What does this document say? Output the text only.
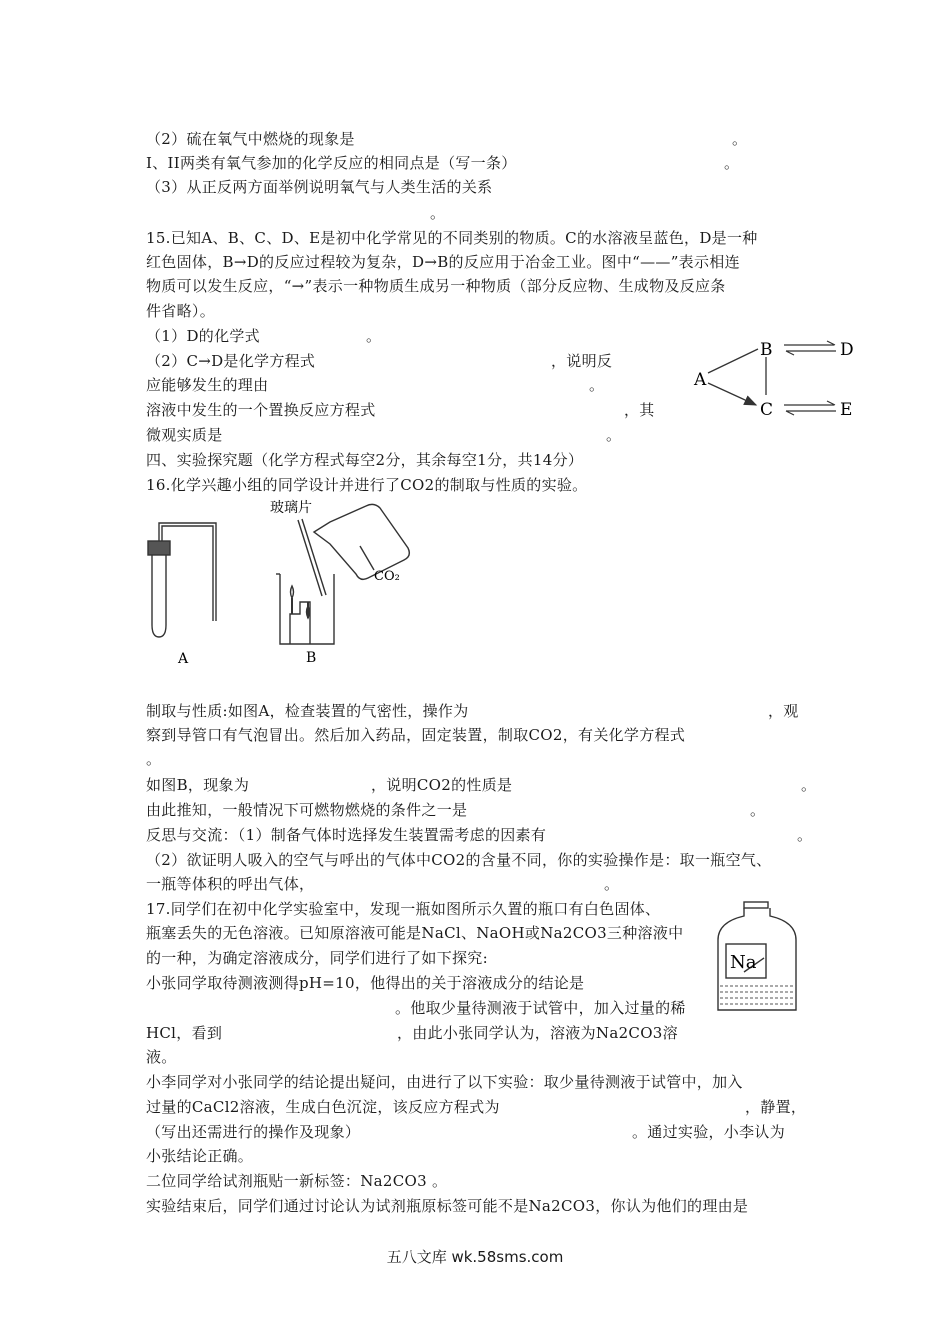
（2）硫在氧气中燃烧的现象是	。
I、II两类有氧气参加的化学反应的相同点是（写一条）	。
（3）从正反两方面举例说明氧气与人类生活的关系
。
15.已知A、B、C、D、E是初中化学常见的不同类别的物质。C的水溶液呈蓝色，D是一种
红色固体，B→D的反应过程较为复杂，D→B的反应用于冶金工业。图中“——”表示相连
物质可以发生反应，“→”表示一种物质生成另一种物质（部分反应物、生成物及反应条
件省略）。
（1）D的化学式	。
（2）C→D是化学方程式	，说明反
应能够发生的理由	。
溶液中发生的一个置换反应方程式	，其
微观实质是	。
A
B
C
D
E
四、实验探究题（化学方程式每空2分，其余每空1分，共14分）
16.化学兴趣小组的同学设计并进行了CO2的制取与性质的实验。
A
玻璃片
CO₂
B
制取与性质:如图A，检查装置的气密性，操作为	，观
察到导管口有气泡冒出。然后加入药品，固定装置，制取CO2，有关化学方程式
。
如图B，现象为	，说明CO2的性质是	。
由此推知，一般情况下可燃物燃烧的条件之一是	。
反思与交流：（1）制备气体时选择发生装置需考虑的因素有	。
（2）欲证明人吸入的空气与呼出的气体中CO2的含量不同，你的实验操作是：取一瓶空气、
一瓶等体积的呼出气体，	。
17.同学们在初中化学实验室中，发现一瓶如图所示久置的瓶口有白色固体、
瓶塞丢失的无色溶液。已知原溶液可能是NaCl、NaOH或Na2CO3三种溶液中
的一种，为确定溶液成分，同学们进行了如下探究:
小张同学取待测液测得pH=10，他得出的关于溶液成分的结论是
。他取少量待测液于试管中，加入过量的稀
HCl，看到	，由此小张同学认为，溶液为Na2CO3溶
液。
小李同学对小张同学的结论提出疑问，由进行了以下实验：取少量待测液于试管中，加入
过量的CaCl2溶液，生成白色沉淀，该反应方程式为	，静置，
（写出还需进行的操作及现象）	。通过实验，小李认为
小张结论正确。
二位同学给试剂瓶贴一新标签：Na2CO3 。
实验结束后，同学们通过讨论认为试剂瓶原标签可能不是Na2CO3，你认为他们的理由是
Na
五八文库 wk.58sms.com
